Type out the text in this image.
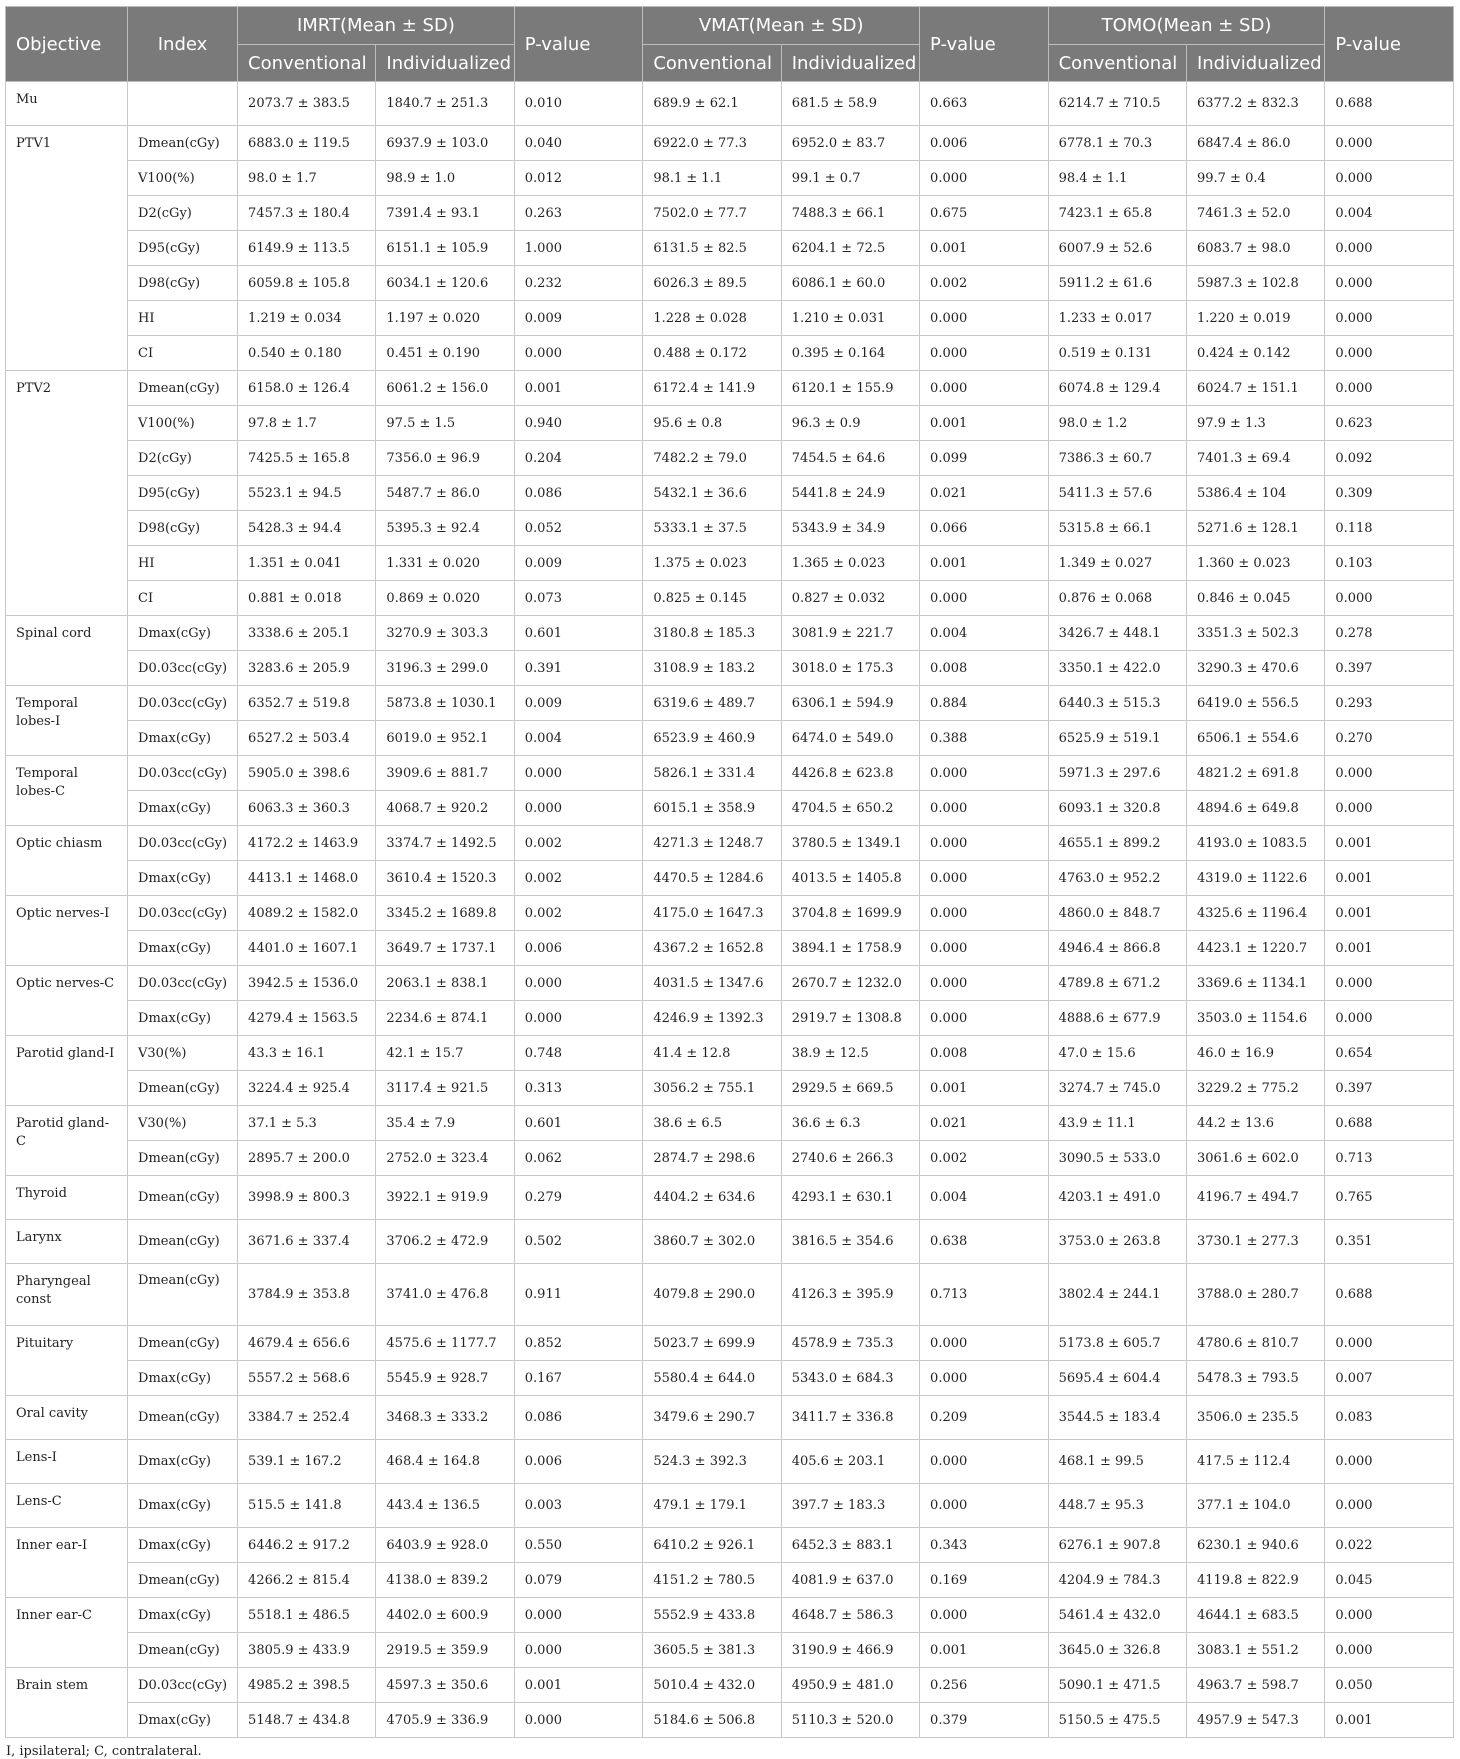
Objective	Index	IMRT(Mean ± SD)		P-value	VMAT(Mean ± SD)		P-value	TOMO(Mean ± SD)		P-value
		Conventional	Individualized		Conventional	Individualized		Conventional	Individualized	
Mu		2073.7 ± 383.5	1840.7 ± 251.3	0.010	689.9 ± 62.1	681.5 ± 58.9	0.663	6214.7 ± 710.5	6377.2 ± 832.3	0.688
PTV1	Dmean(cGy)	6883.0 ± 119.5	6937.9 ± 103.0	0.040	6922.0 ± 77.3	6952.0 ± 83.7	0.006	6778.1 ± 70.3	6847.4 ± 86.0	0.000
	V100(%)	98.0 ± 1.7	98.9 ± 1.0	0.012	98.1 ± 1.1	99.1 ± 0.7	0.000	98.4 ± 1.1	99.7 ± 0.4	0.000
	D2(cGy)	7457.3 ± 180.4	7391.4 ± 93.1	0.263	7502.0 ± 77.7	7488.3 ± 66.1	0.675	7423.1 ± 65.8	7461.3 ± 52.0	0.004
	D95(cGy)	6149.9 ± 113.5	6151.1 ± 105.9	1.000	6131.5 ± 82.5	6204.1 ± 72.5	0.001	6007.9 ± 52.6	6083.7 ± 98.0	0.000
	D98(cGy)	6059.8 ± 105.8	6034.1 ± 120.6	0.232	6026.3 ± 89.5	6086.1 ± 60.0	0.002	5911.2 ± 61.6	5987.3 ± 102.8	0.000
	HI	1.219 ± 0.034	1.197 ± 0.020	0.009	1.228 ± 0.028	1.210 ± 0.031	0.000	1.233 ± 0.017	1.220 ± 0.019	0.000
	CI	0.540 ± 0.180	0.451 ± 0.190	0.000	0.488 ± 0.172	0.395 ± 0.164	0.000	0.519 ± 0.131	0.424 ± 0.142	0.000
PTV2	Dmean(cGy)	6158.0 ± 126.4	6061.2 ± 156.0	0.001	6172.4 ± 141.9	6120.1 ± 155.9	0.000	6074.8 ± 129.4	6024.7 ± 151.1	0.000
	V100(%)	97.8 ± 1.7	97.5 ± 1.5	0.940	95.6 ± 0.8	96.3 ± 0.9	0.001	98.0 ± 1.2	97.9 ± 1.3	0.623
	D2(cGy)	7425.5 ± 165.8	7356.0 ± 96.9	0.204	7482.2 ± 79.0	7454.5 ± 64.6	0.099	7386.3 ± 60.7	7401.3 ± 69.4	0.092
	D95(cGy)	5523.1 ± 94.5	5487.7 ± 86.0	0.086	5432.1 ± 36.6	5441.8 ± 24.9	0.021	5411.3 ± 57.6	5386.4 ± 104	0.309
	D98(cGy)	5428.3 ± 94.4	5395.3 ± 92.4	0.052	5333.1 ± 37.5	5343.9 ± 34.9	0.066	5315.8 ± 66.1	5271.6 ± 128.1	0.118
	HI	1.351 ± 0.041	1.331 ± 0.020	0.009	1.375 ± 0.023	1.365 ± 0.023	0.001	1.349 ± 0.027	1.360 ± 0.023	0.103
	CI	0.881 ± 0.018	0.869 ± 0.020	0.073	0.825 ± 0.145	0.827 ± 0.032	0.000	0.876 ± 0.068	0.846 ± 0.045	0.000
Spinal cord	Dmax(cGy)	3338.6 ± 205.1	3270.9 ± 303.3	0.601	3180.8 ± 185.3	3081.9 ± 221.7	0.004	3426.7 ± 448.1	3351.3 ± 502.3	0.278
	D0.03cc(cGy)	3283.6 ± 205.9	3196.3 ± 299.0	0.391	3108.9 ± 183.2	3018.0 ± 175.3	0.008	3350.1 ± 422.0	3290.3 ± 470.6	0.397
Temporal lobes-I	D0.03cc(cGy)	6352.7 ± 519.8	5873.8 ± 1030.1	0.009	6319.6 ± 489.7	6306.1 ± 594.9	0.884	6440.3 ± 515.3	6419.0 ± 556.5	0.293
	Dmax(cGy)	6527.2 ± 503.4	6019.0 ± 952.1	0.004	6523.9 ± 460.9	6474.0 ± 549.0	0.388	6525.9 ± 519.1	6506.1 ± 554.6	0.270
Temporal lobes-C	D0.03cc(cGy)	5905.0 ± 398.6	3909.6 ± 881.7	0.000	5826.1 ± 331.4	4426.8 ± 623.8	0.000	5971.3 ± 297.6	4821.2 ± 691.8	0.000
	Dmax(cGy)	6063.3 ± 360.3	4068.7 ± 920.2	0.000	6015.1 ± 358.9	4704.5 ± 650.2	0.000	6093.1 ± 320.8	4894.6 ± 649.8	0.000
Optic chiasm	D0.03cc(cGy)	4172.2 ± 1463.9	3374.7 ± 1492.5	0.002	4271.3 ± 1248.7	3780.5 ± 1349.1	0.000	4655.1 ± 899.2	4193.0 ± 1083.5	0.001
	Dmax(cGy)	4413.1 ± 1468.0	3610.4 ± 1520.3	0.002	4470.5 ± 1284.6	4013.5 ± 1405.8	0.000	4763.0 ± 952.2	4319.0 ± 1122.6	0.001
Optic nerves-I	D0.03cc(cGy)	4089.2 ± 1582.0	3345.2 ± 1689.8	0.002	4175.0 ± 1647.3	3704.8 ± 1699.9	0.000	4860.0 ± 848.7	4325.6 ± 1196.4	0.001
	Dmax(cGy)	4401.0 ± 1607.1	3649.7 ± 1737.1	0.006	4367.2 ± 1652.8	3894.1 ± 1758.9	0.000	4946.4 ± 866.8	4423.1 ± 1220.7	0.001
Optic nerves-C	D0.03cc(cGy)	3942.5 ± 1536.0	2063.1 ± 838.1	0.000	4031.5 ± 1347.6	2670.7 ± 1232.0	0.000	4789.8 ± 671.2	3369.6 ± 1134.1	0.000
	Dmax(cGy)	4279.4 ± 1563.5	2234.6 ± 874.1	0.000	4246.9 ± 1392.3	2919.7 ± 1308.8	0.000	4888.6 ± 677.9	3503.0 ± 1154.6	0.000
Parotid gland-I	V30(%)	43.3 ± 16.1	42.1 ± 15.7	0.748	41.4 ± 12.8	38.9 ± 12.5	0.008	47.0 ± 15.6	46.0 ± 16.9	0.654
	Dmean(cGy)	3224.4 ± 925.4	3117.4 ± 921.5	0.313	3056.2 ± 755.1	2929.5 ± 669.5	0.001	3274.7 ± 745.0	3229.2 ± 775.2	0.397
Parotid gland-C	V30(%)	37.1 ± 5.3	35.4 ± 7.9	0.601	38.6 ± 6.5	36.6 ± 6.3	0.021	43.9 ± 11.1	44.2 ± 13.6	0.688
	Dmean(cGy)	2895.7 ± 200.0	2752.0 ± 323.4	0.062	2874.7 ± 298.6	2740.6 ± 266.3	0.002	3090.5 ± 533.0	3061.6 ± 602.0	0.713
Thyroid	Dmean(cGy)	3998.9 ± 800.3	3922.1 ± 919.9	0.279	4404.2 ± 634.6	4293.1 ± 630.1	0.004	4203.1 ± 491.0	4196.7 ± 494.7	0.765
Larynx	Dmean(cGy)	3671.6 ± 337.4	3706.2 ± 472.9	0.502	3860.7 ± 302.0	3816.5 ± 354.6	0.638	3753.0 ± 263.8	3730.1 ± 277.3	0.351
Pharyngeal const	Dmean(cGy)	3784.9 ± 353.8	3741.0 ± 476.8	0.911	4079.8 ± 290.0	4126.3 ± 395.9	0.713	3802.4 ± 244.1	3788.0 ± 280.7	0.688
Pituitary	Dmean(cGy)	4679.4 ± 656.6	4575.6 ± 1177.7	0.852	5023.7 ± 699.9	4578.9 ± 735.3	0.000	5173.8 ± 605.7	4780.6 ± 810.7	0.000
	Dmax(cGy)	5557.2 ± 568.6	5545.9 ± 928.7	0.167	5580.4 ± 644.0	5343.0 ± 684.3	0.000	5695.4 ± 604.4	5478.3 ± 793.5	0.007
Oral cavity	Dmean(cGy)	3384.7 ± 252.4	3468.3 ± 333.2	0.086	3479.6 ± 290.7	3411.7 ± 336.8	0.209	3544.5 ± 183.4	3506.0 ± 235.5	0.083
Lens-I	Dmax(cGy)	539.1 ± 167.2	468.4 ± 164.8	0.006	524.3 ± 392.3	405.6 ± 203.1	0.000	468.1 ± 99.5	417.5 ± 112.4	0.000
Lens-C	Dmax(cGy)	515.5 ± 141.8	443.4 ± 136.5	0.003	479.1 ± 179.1	397.7 ± 183.3	0.000	448.7 ± 95.3	377.1 ± 104.0	0.000
Inner ear-I	Dmax(cGy)	6446.2 ± 917.2	6403.9 ± 928.0	0.550	6410.2 ± 926.1	6452.3 ± 883.1	0.343	6276.1 ± 907.8	6230.1 ± 940.6	0.022
	Dmean(cGy)	4266.2 ± 815.4	4138.0 ± 839.2	0.079	4151.2 ± 780.5	4081.9 ± 637.0	0.169	4204.9 ± 784.3	4119.8 ± 822.9	0.045
Inner ear-C	Dmax(cGy)	5518.1 ± 486.5	4402.0 ± 600.9	0.000	5552.9 ± 433.8	4648.7 ± 586.3	0.000	5461.4 ± 432.0	4644.1 ± 683.5	0.000
	Dmean(cGy)	3805.9 ± 433.9	2919.5 ± 359.9	0.000	3605.5 ± 381.3	3190.9 ± 466.9	0.001	3645.0 ± 326.8	3083.1 ± 551.2	0.000
Brain stem	D0.03cc(cGy)	4985.2 ± 398.5	4597.3 ± 350.6	0.001	5010.4 ± 432.0	4950.9 ± 481.0	0.256	5090.1 ± 471.5	4963.7 ± 598.7	0.050
	Dmax(cGy)	5148.7 ± 434.8	4705.9 ± 336.9	0.000	5184.6 ± 506.8	5110.3 ± 520.0	0.379	5150.5 ± 475.5	4957.9 ± 547.3	0.001
I, ipsilateral; C, contralateral.
